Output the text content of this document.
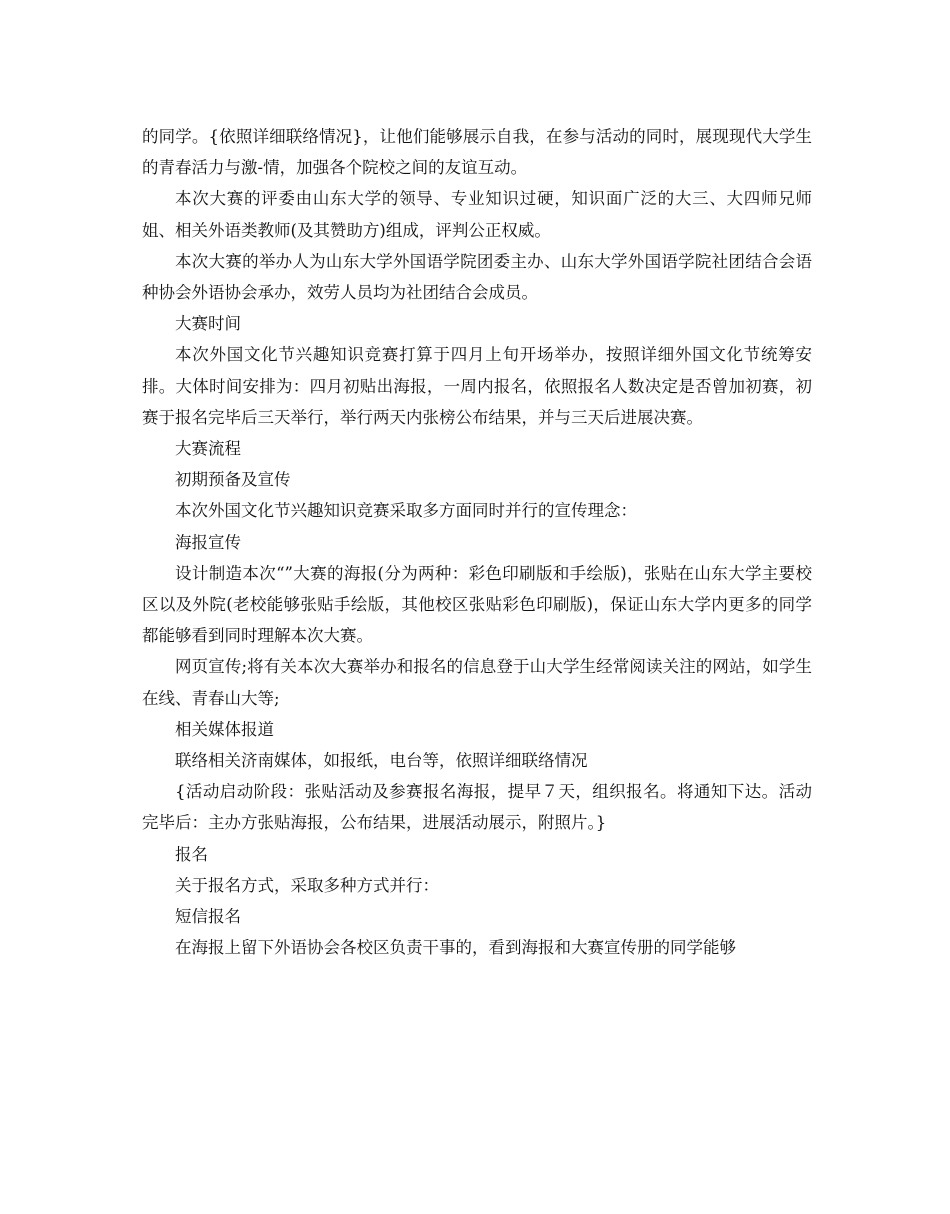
的同学。{依照详细联络情况}，让他们能够展示自我，在参与活动的同时，展现现代大学生的青春活力与激-情，加强各个院校之间的友谊互动。

本次大赛的评委由山东大学的领导、专业知识过硬，知识面广泛的大三、大四师兄师姐、相关外语类教师(及其赞助方)组成，评判公正权威。

本次大赛的举办人为山东大学外国语学院团委主办、山东大学外国语学院社团结合会语种协会外语协会承办，效劳人员均为社团结合会成员。

大赛时间

本次外国文化节兴趣知识竞赛打算于四月上旬开场举办，按照详细外国文化节统筹安排。大体时间安排为：四月初贴出海报，一周内报名，依照报名人数决定是否曾加初赛，初赛于报名完毕后三天举行，举行两天内张榜公布结果，并与三天后进展决赛。

大赛流程

初期预备及宣传

本次外国文化节兴趣知识竞赛采取多方面同时并行的宣传理念：

海报宣传

设计制造本次“”大赛的海报(分为两种：彩色印刷版和手绘版)，张贴在山东大学主要校区以及外院(老校能够张贴手绘版，其他校区张贴彩色印刷版)，保证山东大学内更多的同学都能够看到同时理解本次大赛。

网页宣传;将有关本次大赛举办和报名的信息登于山大学生经常阅读关注的网站，如学生在线、青春山大等;

相关媒体报道

联络相关济南媒体，如报纸，电台等，依照详细联络情况

{活动启动阶段：张贴活动及参赛报名海报，提早７天，组织报名。将通知下达。活动完毕后：主办方张贴海报，公布结果，进展活动展示，附照片。}

报名

关于报名方式，采取多种方式并行：

短信报名

在海报上留下外语协会各校区负责干事的，看到海报和大赛宣传册的同学能够
